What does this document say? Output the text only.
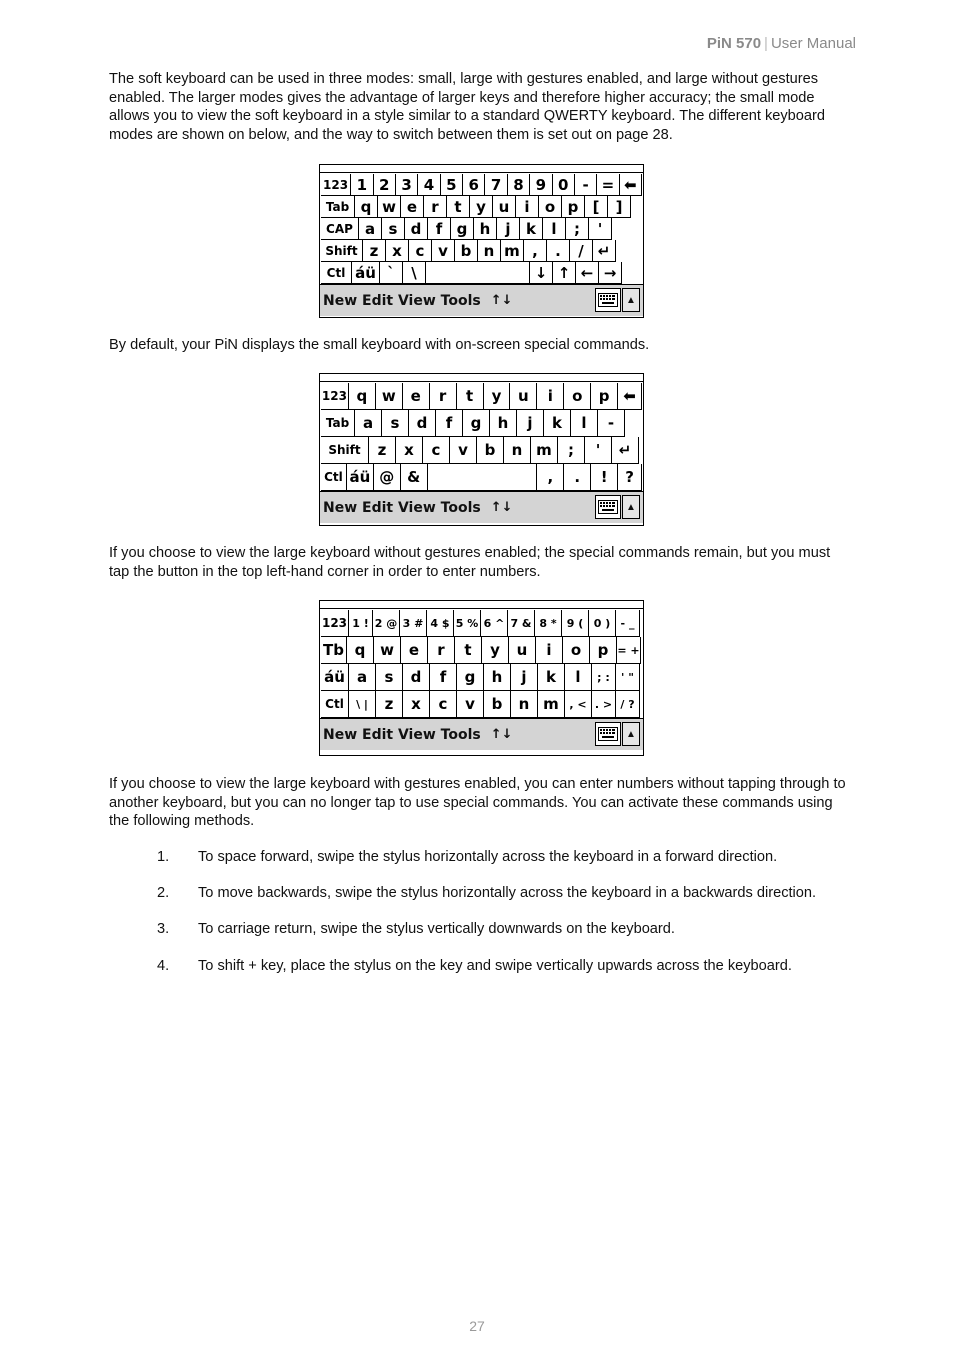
PiN 570 | User Manual

The soft keyboard can be used in three modes: small, large with gestures enabled, and large without gestures enabled. The larger modes gives the advantage of larger keys and therefore higher accuracy; the small mode allows you to view the soft keyboard in a style similar to a standard QWERTY keyboard. The different keyboard modes are shown on below, and the way to switch between them is set out on page 28.

123 1 2 3 4 5 6 7 8 9 0 - = ⬅
Tab q w e r	t y u	i	o p [	]
CAP a s d f g h	j	k	l	;	'
Shift z x c v b n m ,	.	/ ↵
Ctl áü `	\	↓ ↑ ← →
New Edit View Tools ↑↓	▲

By default, your PiN displays the small keyboard with on-screen special commands.

123 q w e	r	t	y	u	i	o	p ⬅
Tab a	s	d	f	g	h	j	k	l	-
Shift	z	x	c	v	b	n m	;	'	↵
Ctl áü @ &	,	.	!	?
New Edit View Tools ↑↓	▲

If you choose to view the large keyboard without gestures enabled; the special commands remain, but you must tap the button in the top left-hand corner in order to enter numbers.

123 1 ! 2 @ 3 # 4 $ 5 % 6 ^ 7 & 8 * 9 ( 0 ) - _
Tb q w e	r	t	y	u	i	o	p = +
áü a	s	d	f	g	h	j	k	l	; :	' "
Ctl	\ |	z	x	c	v	b	n m , < . > / ?
New Edit View Tools ↑↓	▲

If you choose to view the large keyboard with gestures enabled, you can enter numbers without tapping through to another keyboard, but you can no longer tap to use special commands. You can activate these commands using the following methods.

1. To space forward, swipe the stylus horizontally across the keyboard in a forward direction.
2. To move backwards, swipe the stylus horizontally across the keyboard in a backwards direction.
3. To carriage return, swipe the stylus vertically downwards on the keyboard.
4. To shift + key, place the stylus on the key and swipe vertically upwards across the keyboard.
27
